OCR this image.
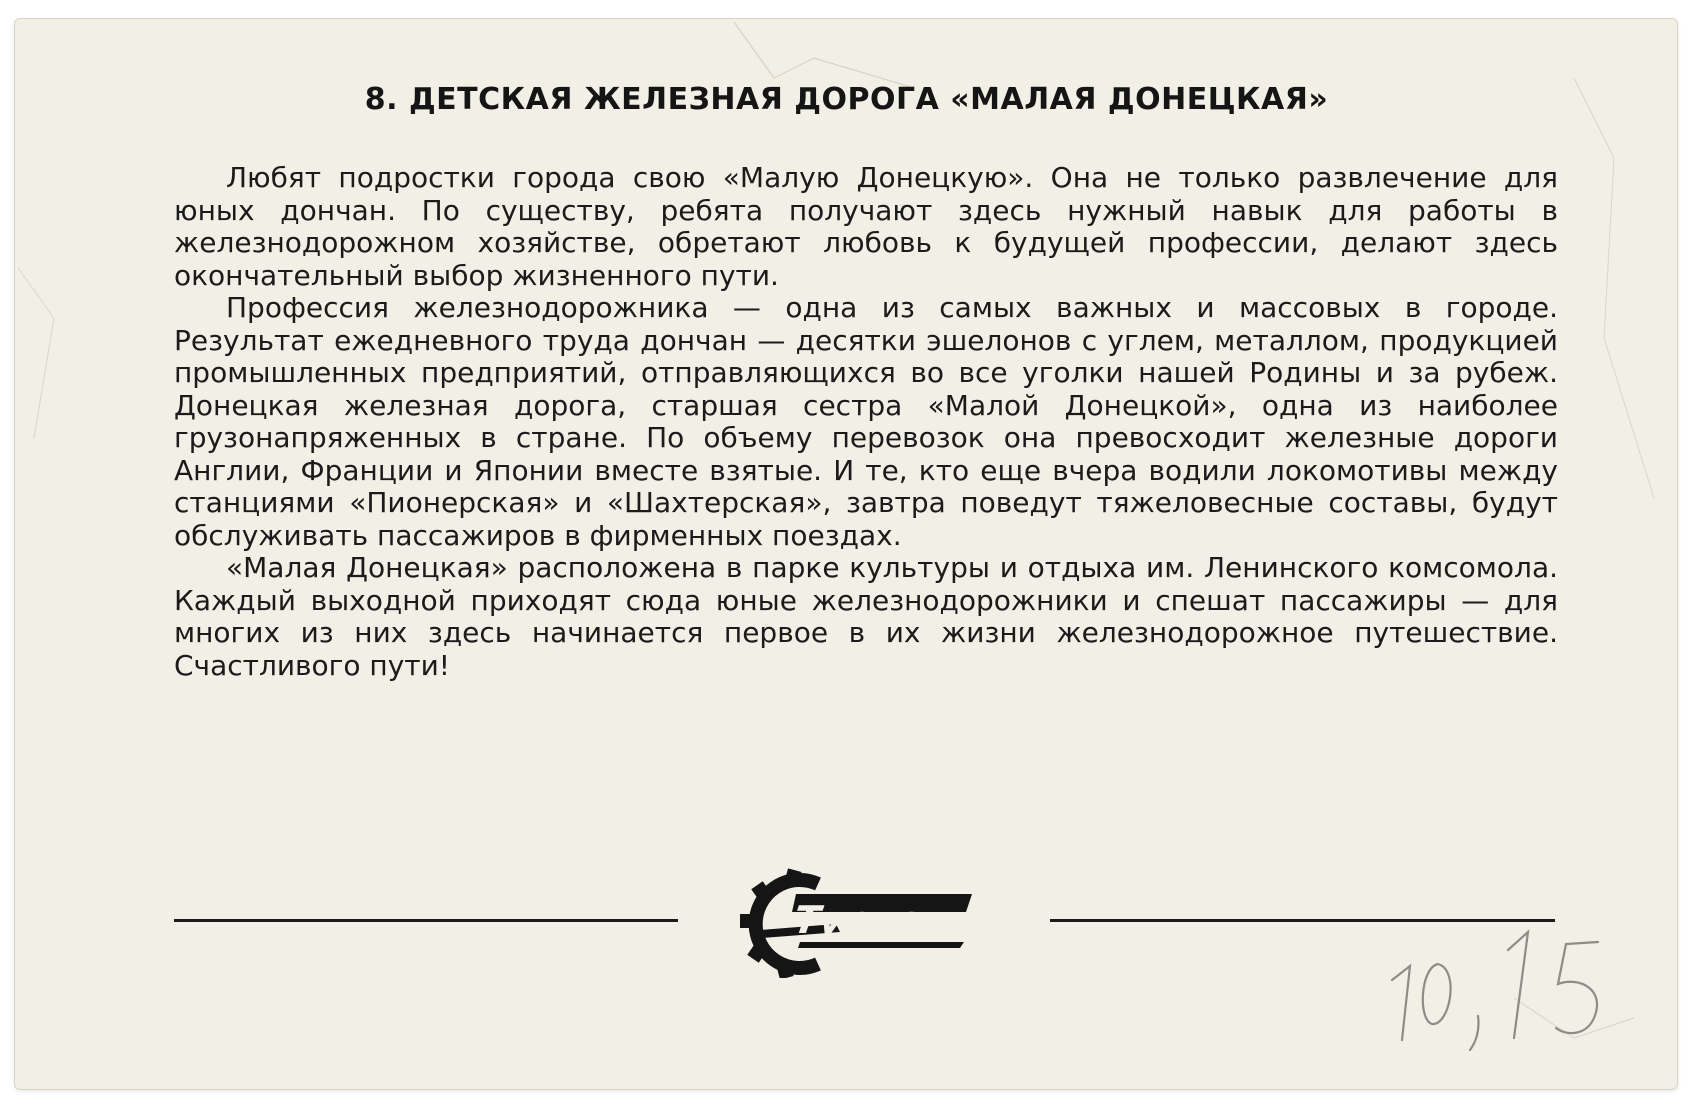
8. ДЕТСКАЯ ЖЕЛЕЗНАЯ ДОРОГА «МАЛАЯ ДОНЕЦКАЯ»

Любят подростки города свою «Малую Донецкую». Она не только развлечение для юных дончан. По существу, ребята получают здесь нужный навык для работы в железнодорожном хозяйстве, обретают любовь к будущей профессии, делают здесь окончательный выбор жизненного пути.

Профессия железнодорожника — одна из самых важных и массовых в городе. Результат ежедневного труда дончан — десятки эшелонов с углем, металлом, продукцией промышленных предприятий, отправляющихся во все уголки нашей Родины и за рубеж. Донецкая железная дорога, старшая сестра «Малой Донецкой», одна из наиболее грузонапряженных в стране. По объему перевозок она превосходит железные дороги Англии, Франции и Японии вместе взятые. И те, кто еще вчера водили локомотивы между станциями «Пионерская» и «Шахтерская», завтра поведут тяжеловесные составы, будут обслуживать пассажиров в фирменных поездах.

«Малая Донецкая» расположена в парке культуры и отдыха им. Ленинского комсомола. Каждый выходной приходят сюда юные железнодорожники и спешат пассажиры — для многих из них здесь начинается первое в их жизни железнодорожное путешествие. Счастливого пути!

Турист
